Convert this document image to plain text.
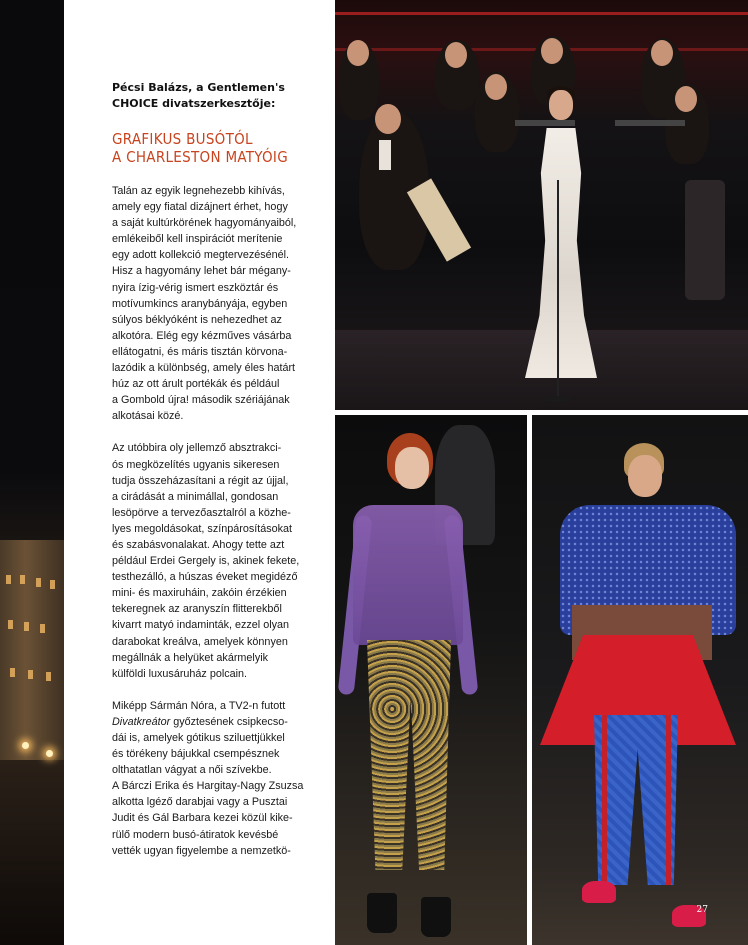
Pécsi Balázs, a Gentlemen's
CHOICE divatszerkesztője:

GRAFIKUS BUSÓTÓL
A CHARLESTON MATYÓIG

Talán az egyik legnehezebb kihívás,
amely egy fiatal dizájnert érhet, hogy
a saját kultúrkörének hagyományaiból,
emlékeiből kell inspirációt merítenie
egy adott kollekció megtervezésénél.
Hisz a hagyomány lehet bár mégany-
nyira ízig-vérig ismert eszköztár és
motívumkincs aranybányája, egyben
súlyos béklyóként is nehezedhet az
alkotóra. Elég egy kézműves vásárba
ellátogatni, és máris tisztán körvona-
lazódik a különbség, amely éles határt
húz az ott árult portékák és például
a Gombold újra! második szériájának
alkotásai közé.

Az utóbbira oly jellemző absztrakci-
ós megközelítés ugyanis sikeresen
tudja összeházasítani a régit az újjal,
a cirádását a minimállal, gondosan
lesöpörve a tervezőasztalról a közhe-
lyes megoldásokat, színpárosításokat
és szabásvonalakat. Ahogy tette azt
például Erdei Gergely is, akinek fekete,
testhezálló, a húszas éveket megidéző
mini- és maxiruháin, zakóin érzékien
tekeregnek az aranyszín flitterekből
kivarrt matyó indaminták, ezzel olyan
darabokat kreálva, amelyek könnyen
megállnák a helyüket akármelyik
külföldi luxusáruház polcain.

Miképp Sármán Nóra, a TV2-n futott
Divatkreátor győztesének csipkecso-
dái is, amelyek gótikus sziluettjükkel
és törékeny bájukkal csempésznek
olthatatlan vágyat a női szívekbe.
A Bárczi Erika és Hargitay-Nagy Zsuzsa
alkotta lgéző darabjai vagy a Pusztai
Judit és Gál Barbara kezei közül kike-
rülő modern busó-átiratok kevésbé
vették ugyan figyelembe a nemzetkö-

27
